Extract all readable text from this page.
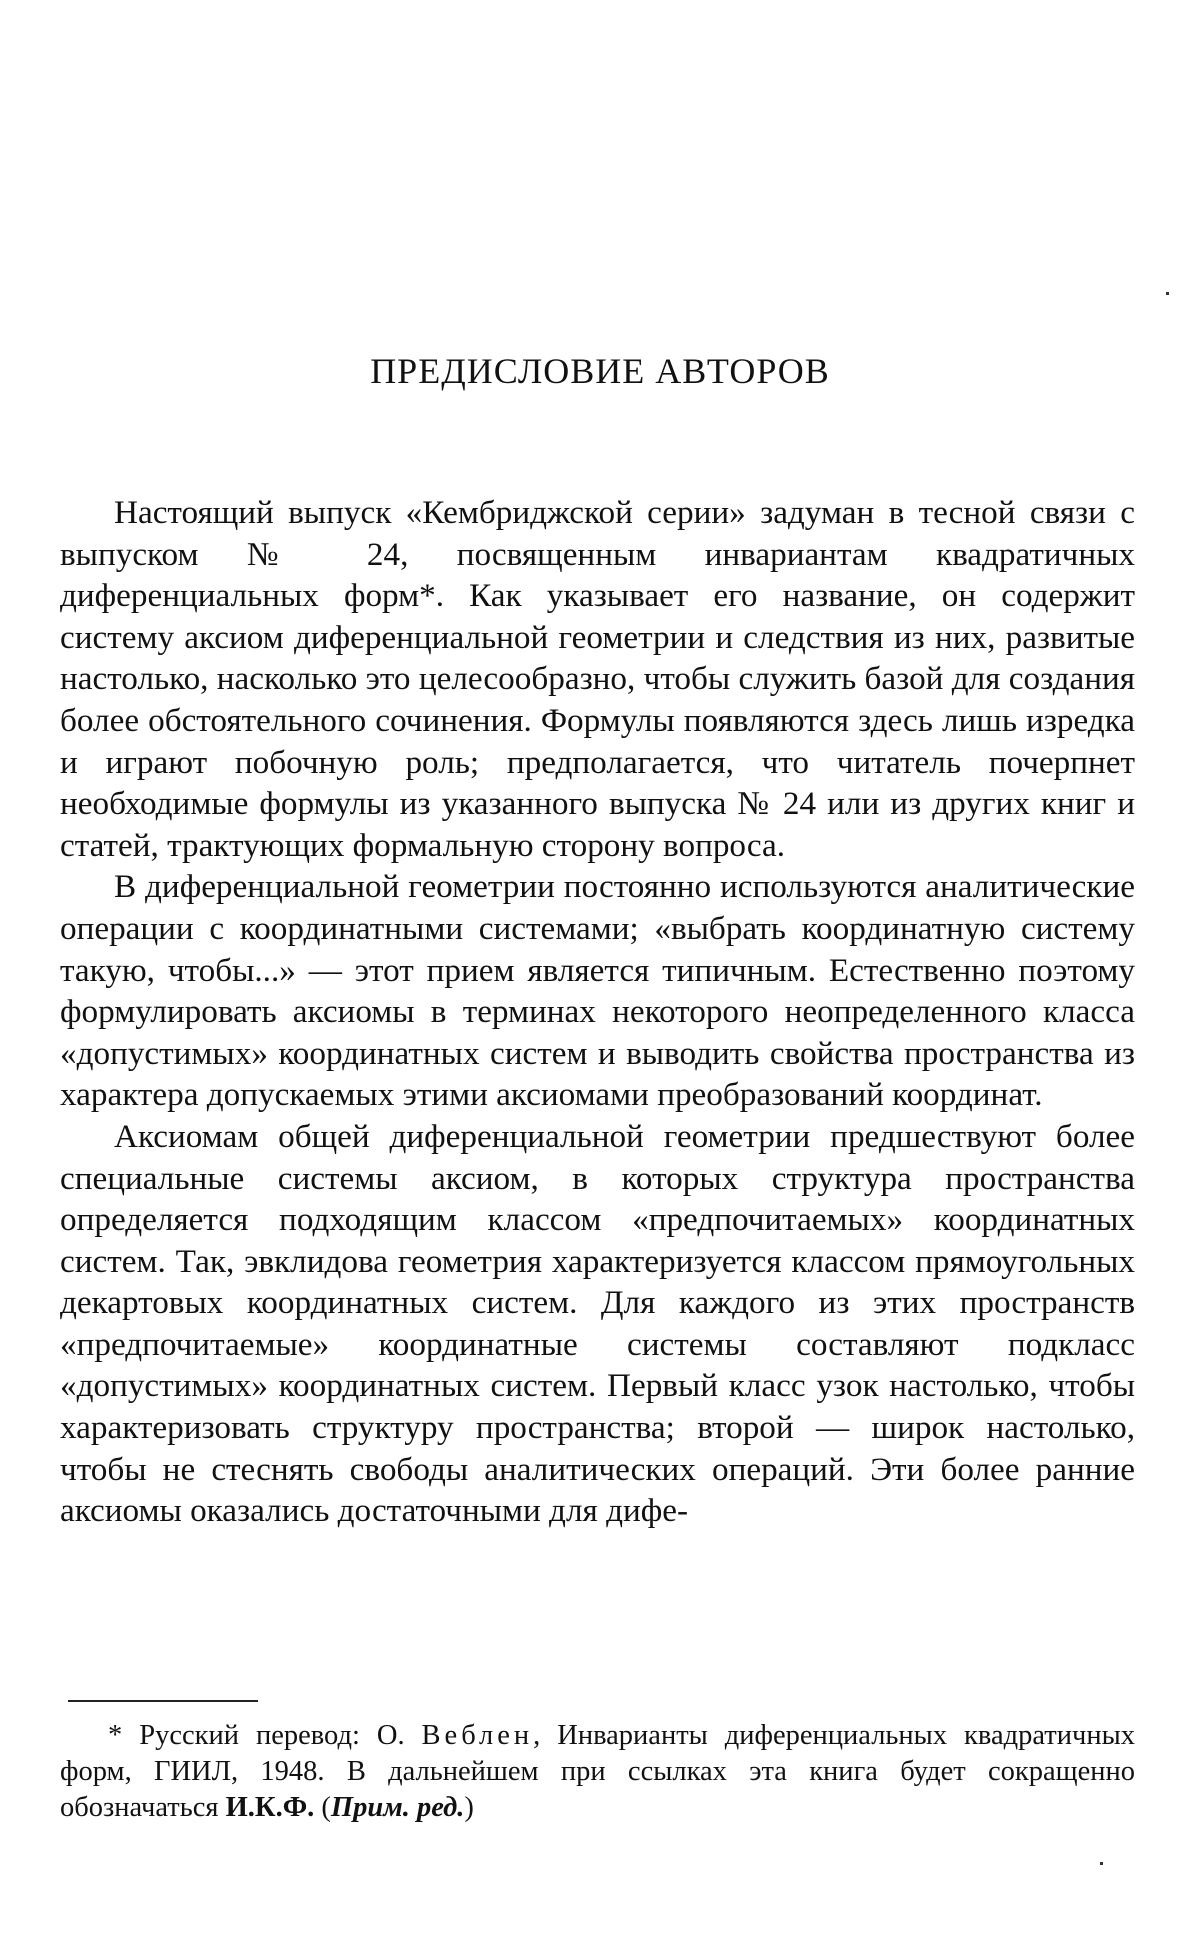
ПРЕДИСЛОВИЕ АВТОРОВ

Настоящий выпуск «Кембриджской серии» задуман в тесной связи с выпуском № 24, посвященным инвариантам квадратичных диференциальных форм*. Как указывает его название, он содержит систему аксиом диференциальной геометрии и следствия из них, развитые настолько, насколько это целесообразно, чтобы служить базой для создания более обстоятельного сочинения. Формулы появляются здесь лишь изредка и играют побочную роль; предполагается, что читатель почерпнет необходимые формулы из указанного выпуска № 24 или из других книг и статей, трактующих формальную сторону вопроса.

В диференциальной геометрии постоянно используются аналитические операции с координатными системами; «выбрать координатную систему такую, чтобы...» — этот прием является типичным. Естественно поэтому формулировать аксиомы в терминах некоторого неопределенного класса «допустимых» координатных систем и выводить свойства пространства из характера допускаемых этими аксиомами преобразований координат.

Аксиомам общей диференциальной геометрии предшествуют более специальные системы аксиом, в которых структура пространства определяется подходящим классом «предпочитаемых» координатных систем. Так, эвклидова геометрия характеризуется классом прямоугольных декартовых координатных систем. Для каждого из этих пространств «предпочитаемые» координатные системы составляют подкласс «допустимых» координатных систем. Первый класс узок настолько, чтобы характеризовать структуру пространства; второй — широк настолько, чтобы не стеснять свободы аналитических операций. Эти более ранние аксиомы оказались достаточными для дифе-

* Русский перевод: О. Веблен, Инварианты диференциальных квадратичных форм, ГИИЛ, 1948. В дальнейшем при ссылках эта книга будет сокращенно обозначаться И.К.Ф. (Прим. ред.)
